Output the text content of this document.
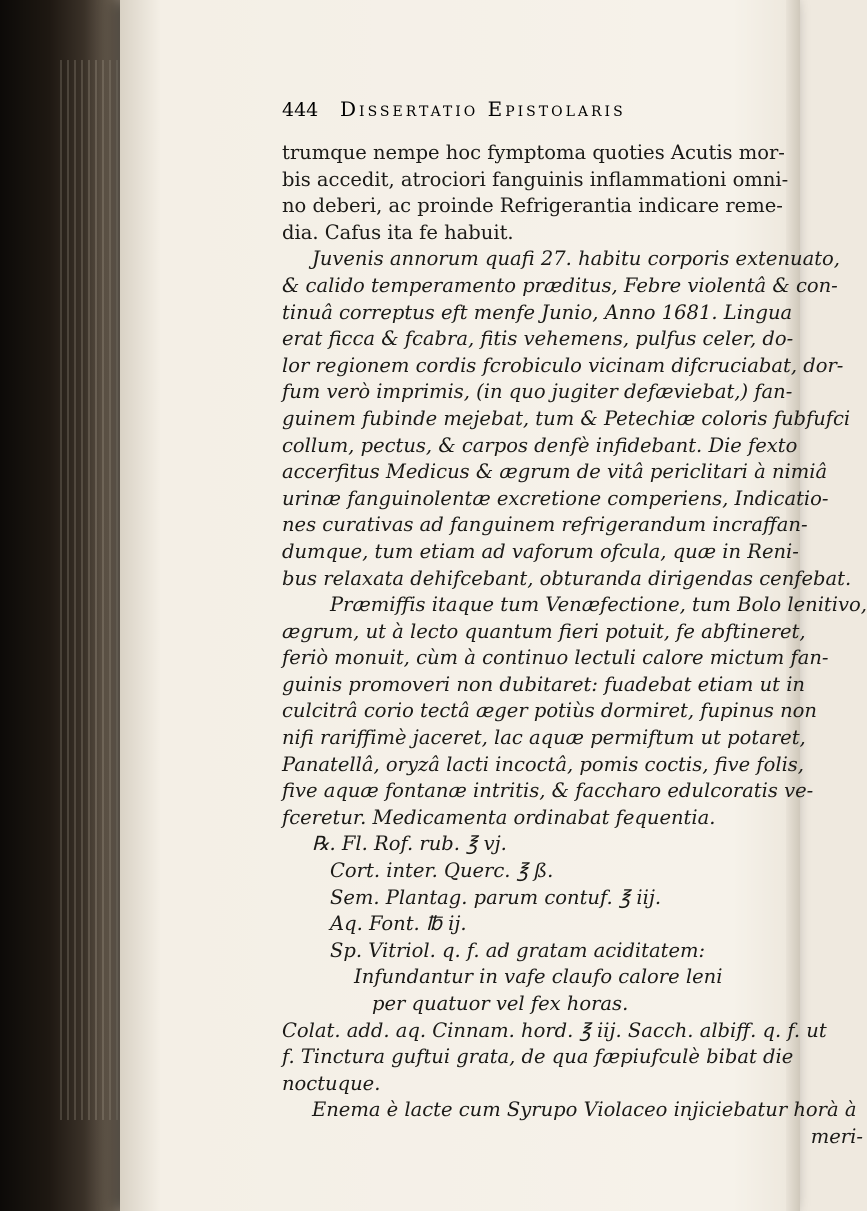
444 Dissertatio Epistolaris
trumque nempe hoc fymptoma quoties Acutis mor-
bis accedit, atrociori fanguinis inflammationi omni-
no deberi, ac proinde Refrigerantia indicare reme-
dia. Cafus ita fe habuit.
Juvenis annorum quafi 27. habitu corporis extenuato,
& calido temperamento præditus, Febre violentâ & con-
tinuâ correptus eft menfe Junio, Anno 1681. Lingua
erat ficca & fcabra, fitis vehemens, pulfus celer, do-
lor regionem cordis fcrobiculo vicinam difcruciabat, dor-
fum verò imprimis, (in quo jugiter defæviebat,) fan-
guinem fubinde mejebat, tum & Petechiæ coloris fubfufci
collum, pectus, & carpos denfè infidebant. Die fexto
accerfitus Medicus & ægrum de vitâ periclitari à nimiâ
urinæ fanguinolentæ excretione comperiens, Indicatio-
nes curativas ad fanguinem refrigerandum incraffan-
dumque, tum etiam ad vaforum ofcula, quæ in Reni-
bus relaxata dehifcebant, obturanda dirigendas cenfebat.
Præmiffis itaque tum Venæfectione, tum Bolo lenitivo,
ægrum, ut à lecto quantum fieri potuit, fe abftineret,
feriò monuit, cùm à continuo lectuli calore mictum fan-
guinis promoveri non dubitaret: fuadebat etiam ut in
culcitrâ corio tectâ æger potiùs dormiret, fupinus non
nifi rariffimè jaceret, lac aquæ permiftum ut potaret,
Panatellâ, oryzâ lacti incoctâ, pomis coctis, five folis,
five aquæ fontanæ intritis, & faccharo edulcoratis ve-
fceretur. Medicamenta ordinabat fequentia.
℞. Fl. Rof. rub. ℥ vj.
Cort. inter. Querc. ℥ ß.
Sem. Plantag. parum contuf. ℥ iij.
Aq. Font. ℔ ij.
Sp. Vitriol. q. f. ad gratam aciditatem:
Infundantur in vafe claufo calore leni
per quatuor vel fex horas.
Colat. add. aq. Cinnam. hord. ℥ iij. Sacch. albiff. q. f. ut
f. Tinctura guftui grata, de qua fæpiufculè bibat die
noctuque.
Enema è lacte cum Syrupo Violaceo injiciebatur horà à
meri-
